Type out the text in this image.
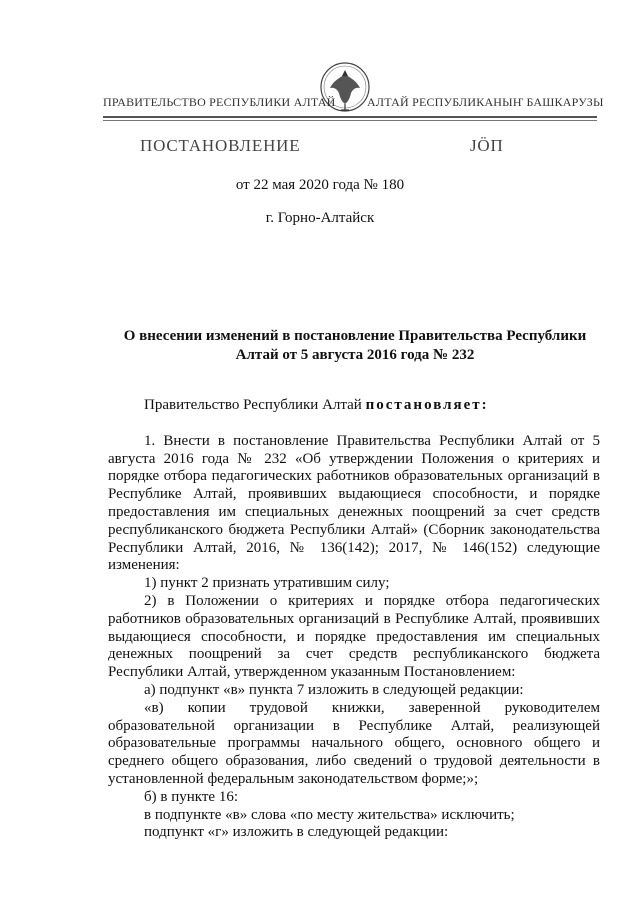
ПРАВИТЕЛЬСТВО РЕСПУБЛИКИ АЛТАЙ	АЛТАЙ РЕСПУБЛИКАНЫҤ БАШКАРУЗЫ
ПОСТАНОВЛЕНИЕ	ЈÖП
от 22 мая 2020 года № 180
г. Горно-Алтайск
О внесении изменений в постановление Правительства Республики Алтай от 5 августа 2016 года № 232

Правительство Республики Алтай постановляет:

1. Внести в постановление Правительства Республики Алтай от 5 августа 2016 года № 232 «Об утверждении Положения о критериях и порядке отбора педагогических работников образовательных организаций в Республике Алтай, проявивших выдающиеся способности, и порядке предоставления им специальных денежных поощрений за счет средств республиканского бюджета Республики Алтай» (Сборник законодательства Республики Алтай, 2016, № 136(142); 2017, № 146(152) следующие изменения:

1) пункт 2 признать утратившим силу;

2) в Положении о критериях и порядке отбора педагогических работников образовательных организаций в Республике Алтай, проявивших выдающиеся способности, и порядке предоставления им специальных денежных поощрений за счет средств республиканского бюджета Республики Алтай, утвержденном указанным Постановлением:

а) подпункт «в» пункта 7 изложить в следующей редакции:

«в) копии трудовой книжки, заверенной руководителем образовательной организации в Республике Алтай, реализующей образовательные программы начального общего, основного общего и среднего общего образования, либо сведений о трудовой деятельности в установленной федеральным законодательством форме;»;

б) в пункте 16:

в подпункте «в» слова «по месту жительства» исключить;

подпункт «г» изложить в следующей редакции:
